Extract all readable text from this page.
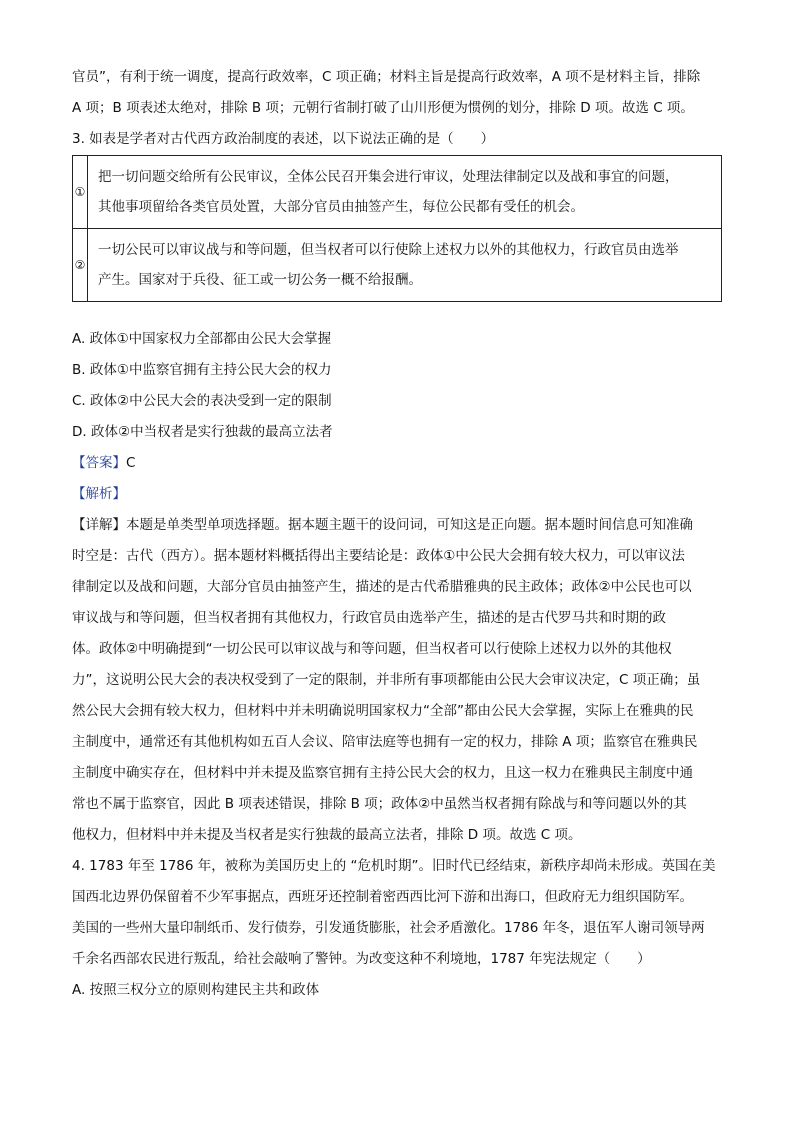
官员”，有利于统一调度，提高行政效率，C 项正确；材料主旨是提高行政效率，A 项不是材料主旨，排除
A 项；B 项表述太绝对，排除 B 项；元朝行省制打破了山川形便为惯例的划分，排除 D 项。故选 C 项。
3. 如表是学者对古代西方政治制度的表述，以下说法正确的是（　　）
①	把一切问题交给所有公民审议，全体公民召开集会进行审议，处理法律制定以及战和事宜的问题，
其他事项留给各类官员处置，大部分官员由抽签产生，每位公民都有受任的机会。

②	一切公民可以审议战与和等问题，但当权者可以行使除上述权力以外的其他权力，行政官员由选举
产生。国家对于兵役、征工或一切公务一概不给报酬。
A. 政体①中国家权力全部都由公民大会掌握
B. 政体①中监察官拥有主持公民大会的权力
C. 政体②中公民大会的表决受到一定的限制
D. 政体②中当权者是实行独裁的最高立法者
【答案】C
【解析】
【详解】本题是单类型单项选择题。据本题主题干的设问词，可知这是正向题。据本题时间信息可知准确
时空是：古代（西方）。据本题材料概括得出主要结论是：政体①中公民大会拥有较大权力，可以审议法
律制定以及战和问题，大部分官员由抽签产生，描述的是古代希腊雅典的民主政体；政体②中公民也可以
审议战与和等问题，但当权者拥有其他权力，行政官员由选举产生，描述的是古代罗马共和时期的政
体。政体②中明确提到“一切公民可以审议战与和等问题，但当权者可以行使除上述权力以外的其他权
力”，这说明公民大会的表决权受到了一定的限制，并非所有事项都能由公民大会审议决定，C 项正确；虽
然公民大会拥有较大权力，但材料中并未明确说明国家权力“全部”都由公民大会掌握，实际上在雅典的民
主制度中，通常还有其他机构如五百人会议、陪审法庭等也拥有一定的权力，排除 A 项；监察官在雅典民
主制度中确实存在，但材料中并未提及监察官拥有主持公民大会的权力，且这一权力在雅典民主制度中通
常也不属于监察官，因此 B 项表述错误，排除 B 项；政体②中虽然当权者拥有除战与和等问题以外的其
他权力，但材料中并未提及当权者是实行独裁的最高立法者，排除 D 项。故选 C 项。
4. 1783 年至 1786 年，被称为美国历史上的 “危机时期”。旧时代已经结束，新秩序却尚未形成。英国在美
国西北边界仍保留着不少军事据点，西班牙还控制着密西西比河下游和出海口，但政府无力组织国防军。
美国的一些州大量印制纸币、发行债券，引发通货膨胀，社会矛盾激化。1786 年冬，退伍军人谢司领导两
千余名西部农民进行叛乱，给社会敲响了警钟。为改变这种不利境地，1787 年宪法规定（　　）
A. 按照三权分立的原则构建民主共和政体
